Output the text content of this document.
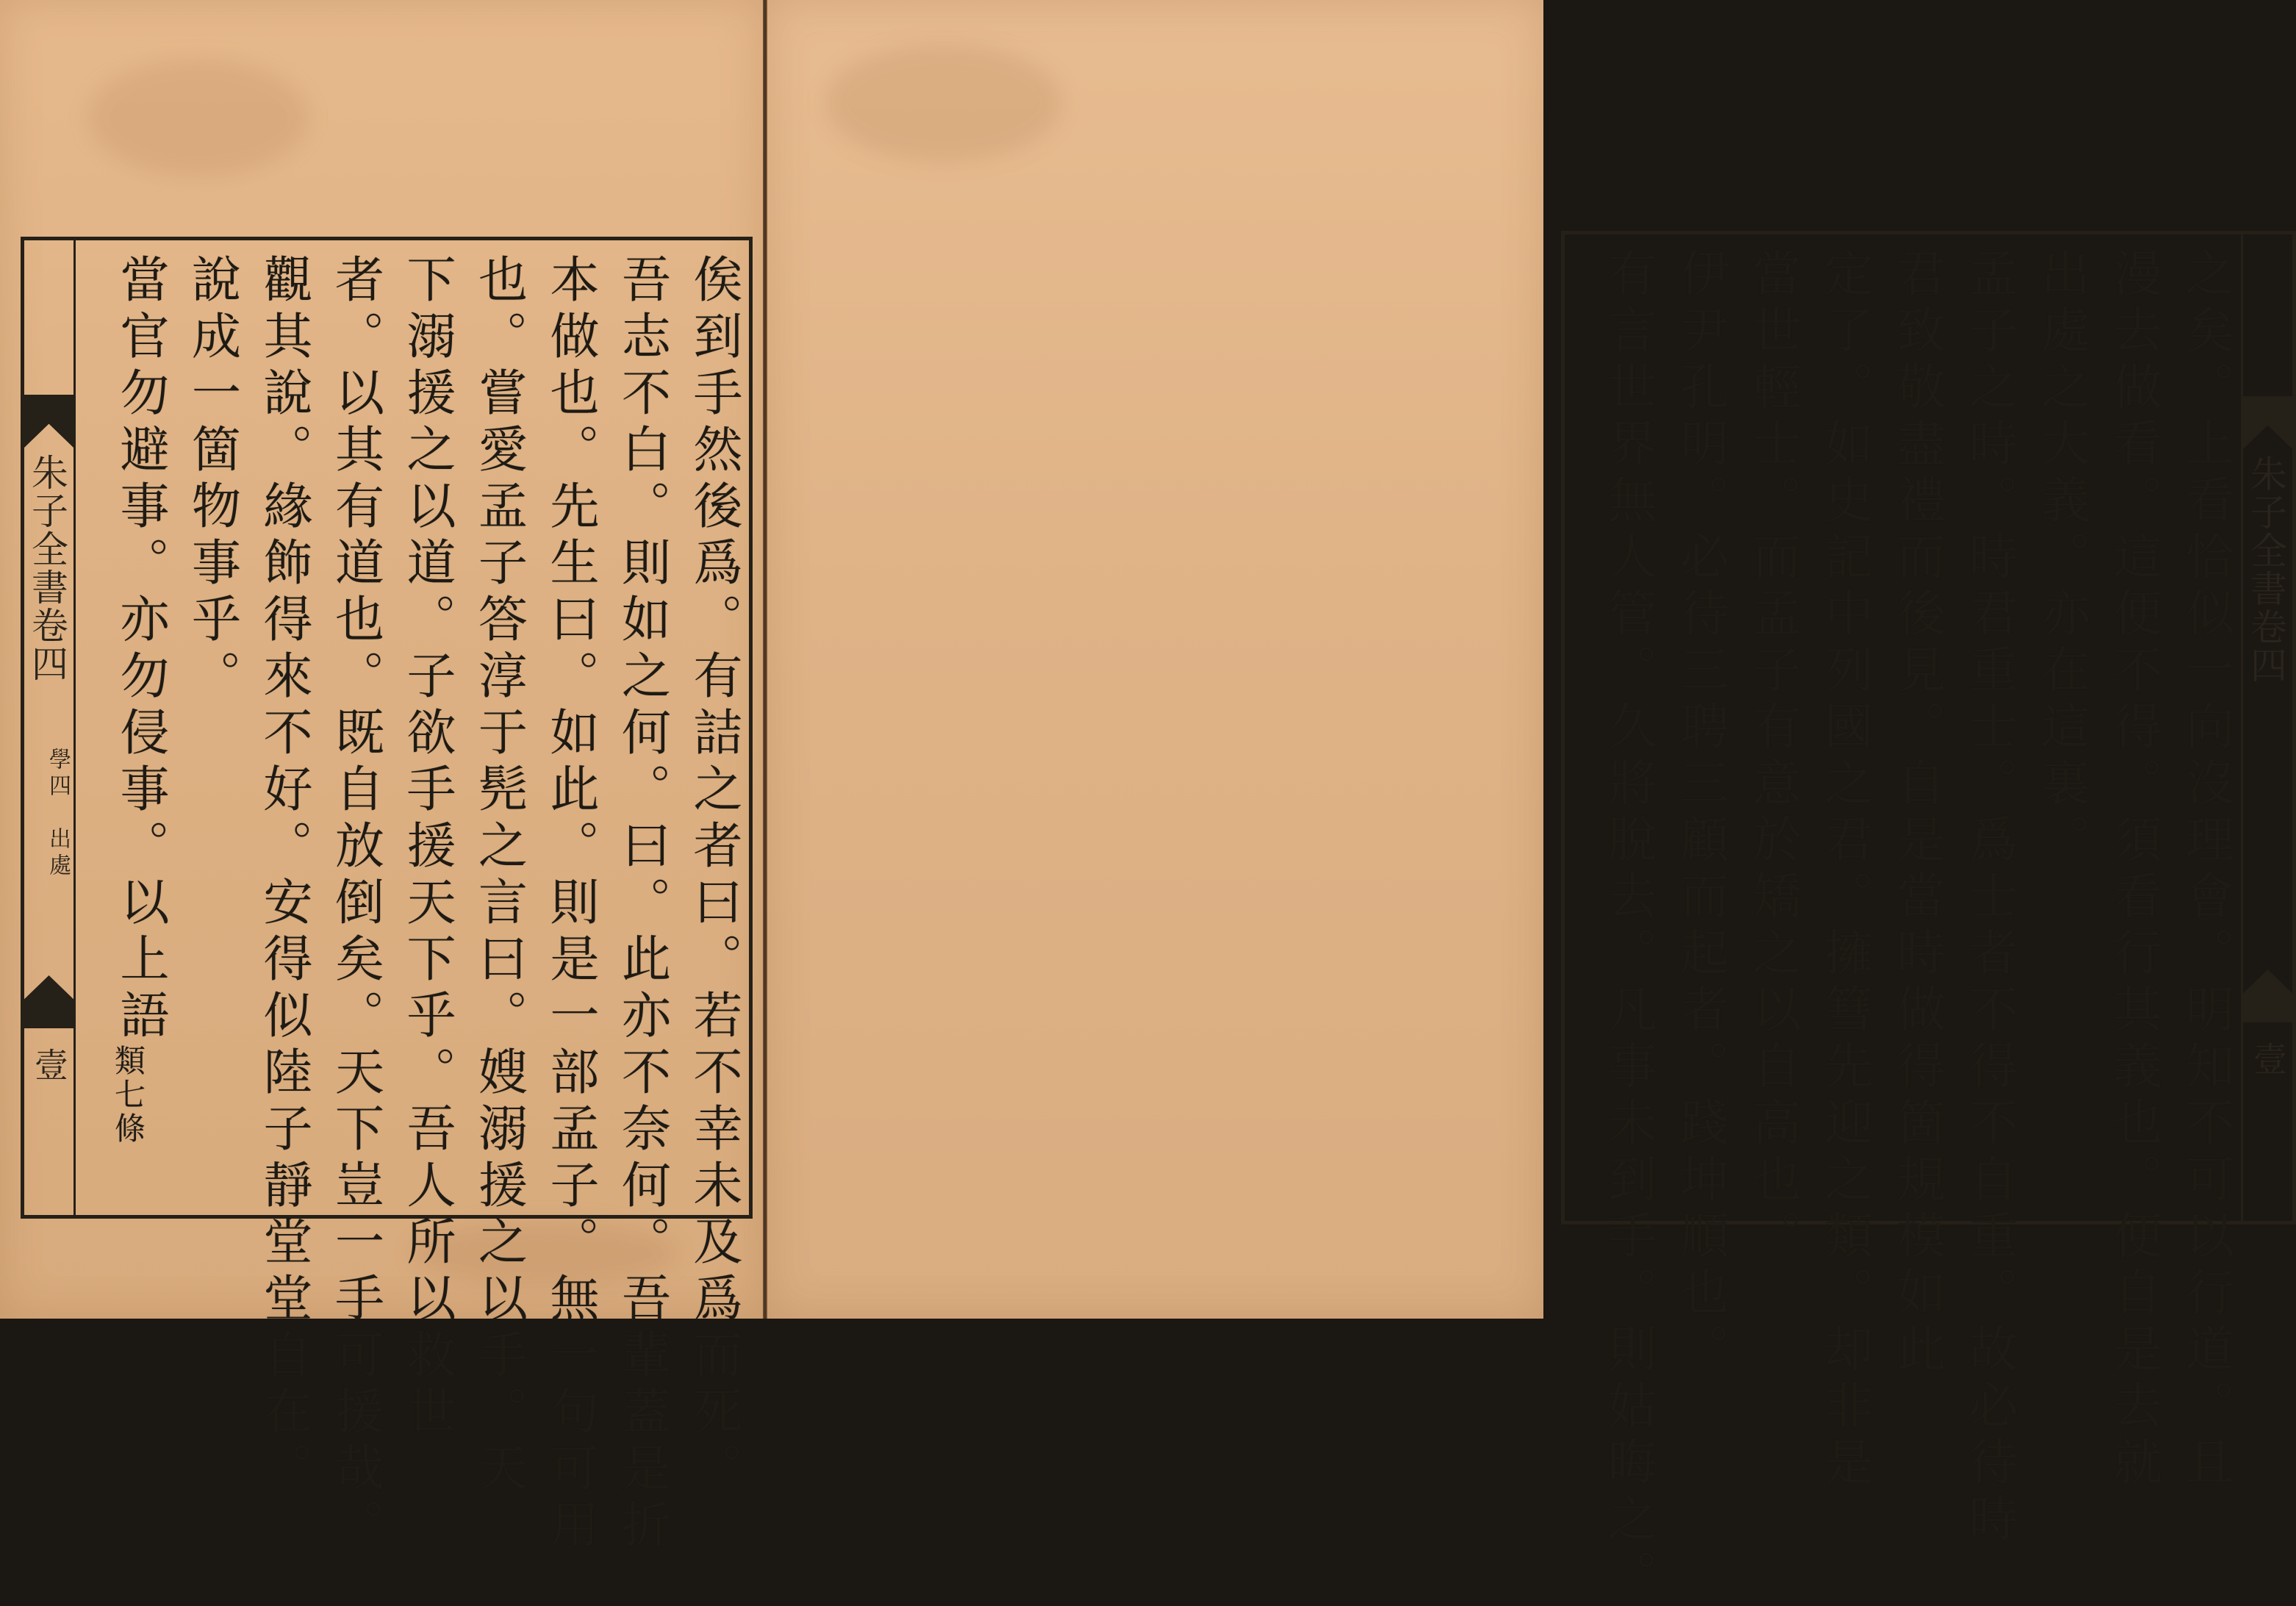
朱子全書卷四
學四　出處
壹	俟到手然後爲。有詰之者曰。若不幸未及爲而死。
吾志不白。則如之何。曰。此亦不奈何。吾輩蓋是折
本做也。先生曰。如此。則是一部孟子。無一句可用
也。嘗愛孟子答淳于髡之言曰。嫂溺援之以手。天
下溺援之以道。子欲手援天下乎。吾人所以救世
者。以其有道也。既自放倒矣。天下豈一手可援哉。
觀其說。緣飾得來不好。安得似陸子靜堂堂自在。
說成一箇物事乎。
當官勿避事。亦勿侵事。以上語
類七條
　	之矣。上看恰似一向沒理會。明知不可以行道。且
漫去做看。這便不得。須看行其義也。便自是去就
出處之大義。亦在這裏。
孟子之時。時君重士。爲士者不得不自重。故必待時
君致敬盡禮而後見。自是當時做得箇規模如此
定了。如史記中列國之君。擁篲先迎之類。却非是
當世輕士。而孟子有意於矯之以自高也。
伊尹孔明。必待三聘三顧而起者。踐坤順也。
有言世界無人管。久將脫去。凡事未到手。則姑晦之。	朱子全書卷四
壹
